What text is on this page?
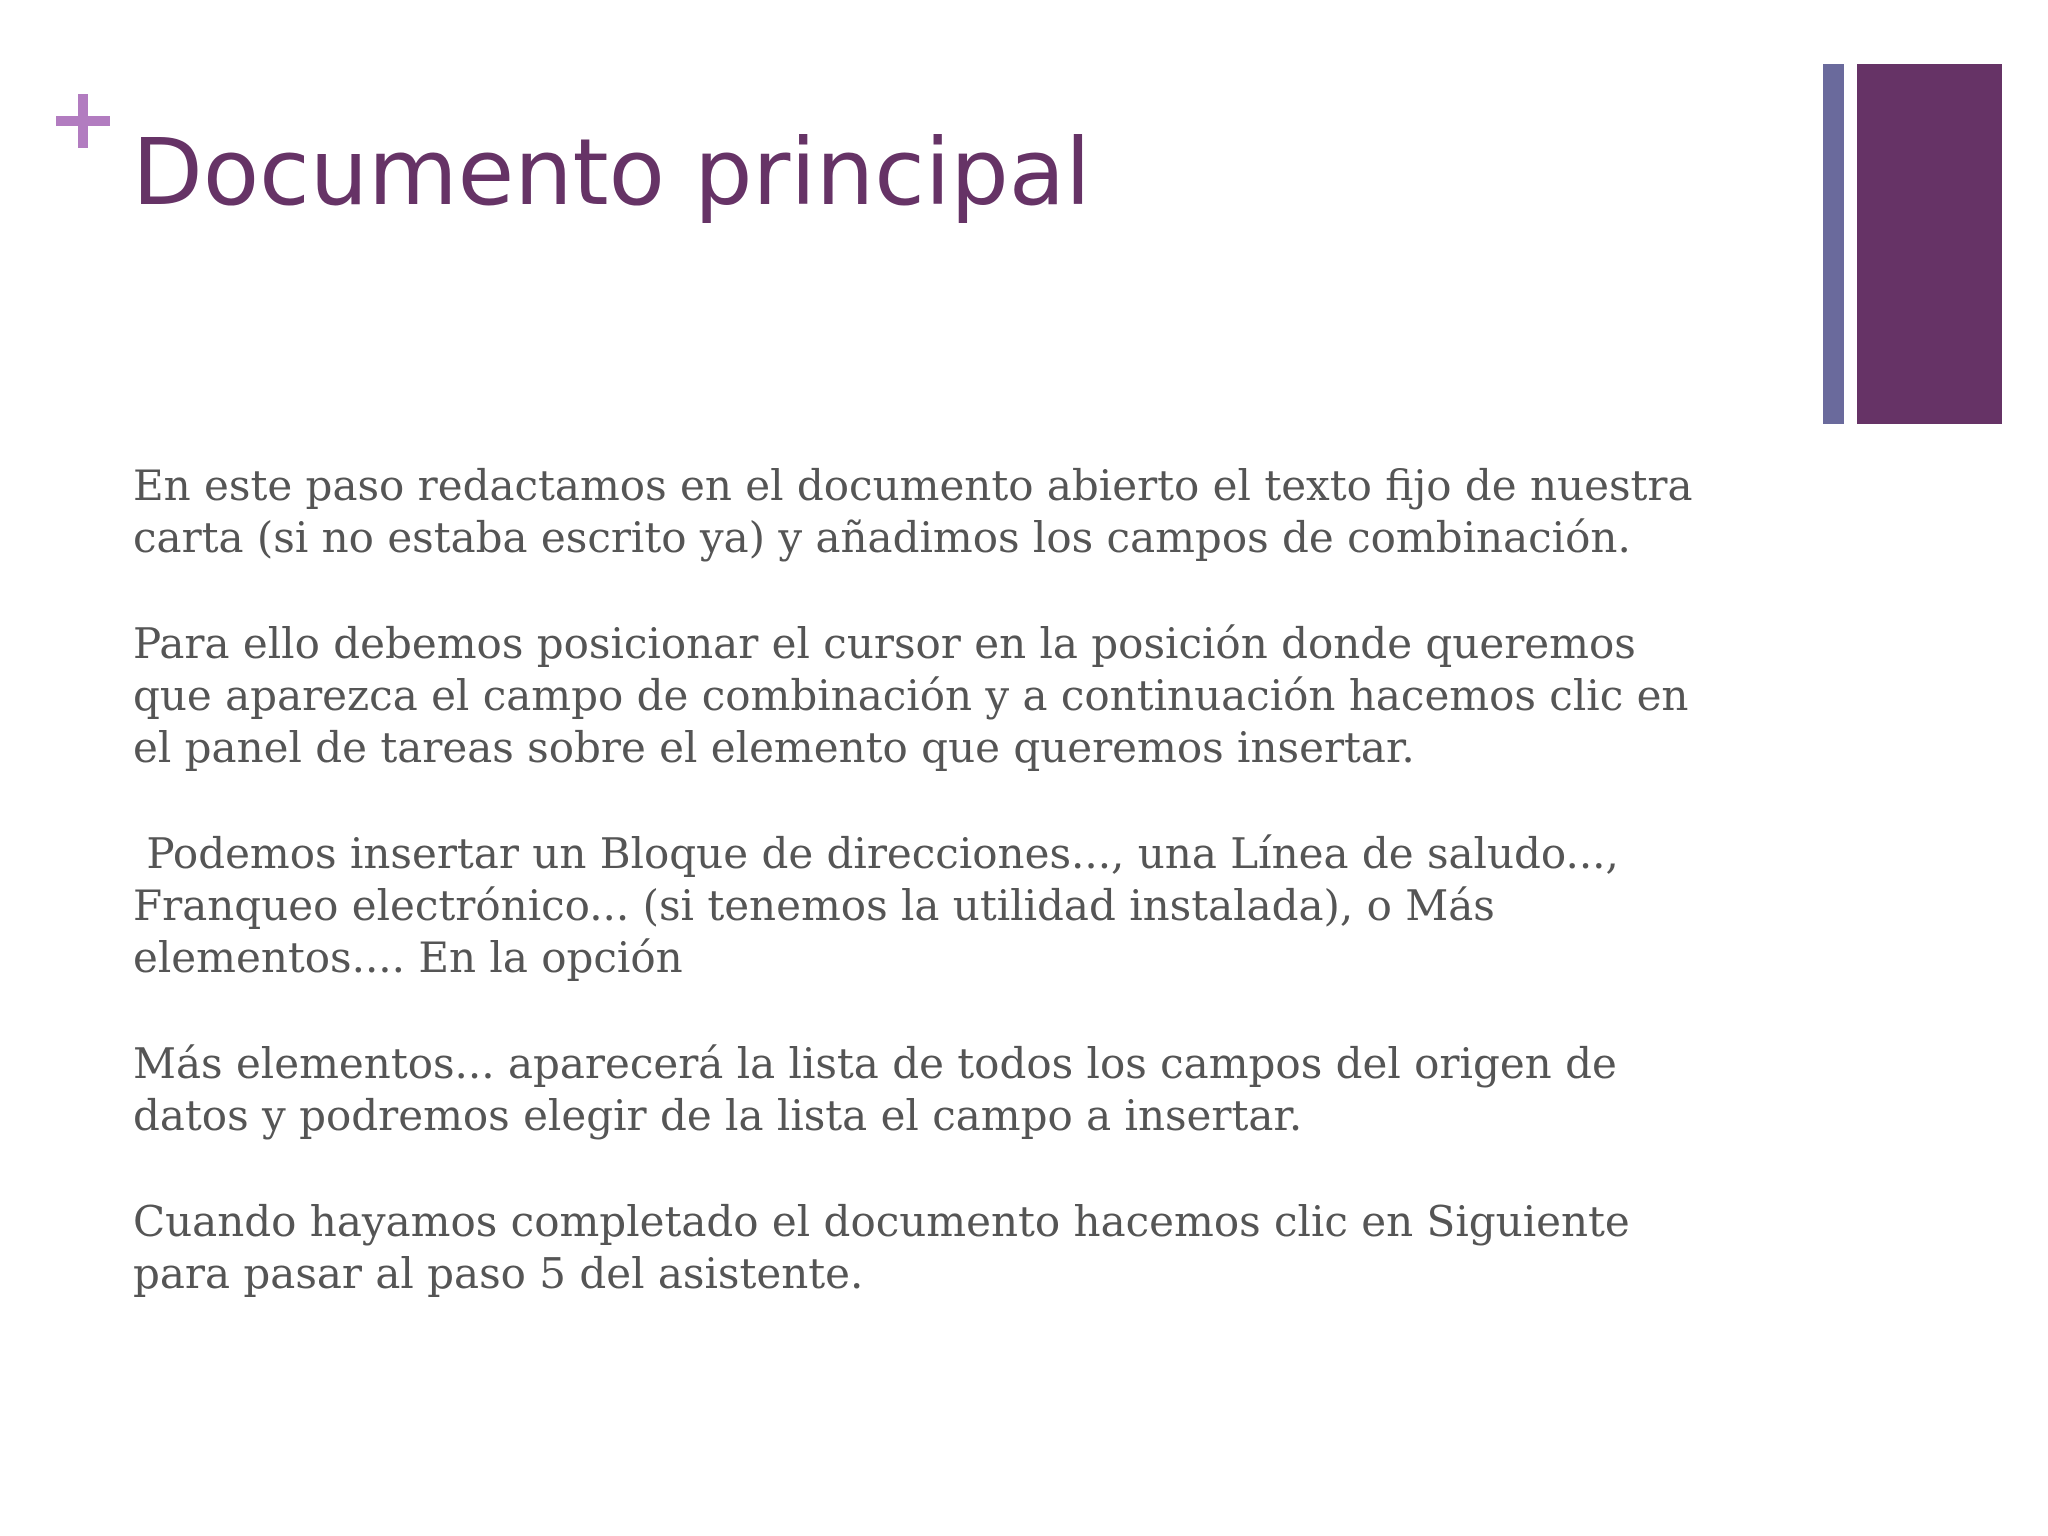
Documento principal

En este paso redactamos en el documento abierto el texto fijo de nuestra
carta (si no estaba escrito ya) y añadimos los campos de combinación.

Para ello debemos posicionar el cursor en la posición donde queremos
que aparezca el campo de combinación y a continuación hacemos clic en
el panel de tareas sobre el elemento que queremos insertar.

Podemos insertar un Bloque de direcciones..., una Línea de saludo...,
Franqueo electrónico... (si tenemos la utilidad instalada), o Más
elementos.... En la opción

Más elementos... aparecerá la lista de todos los campos del origen de
datos y podremos elegir de la lista el campo a insertar.

Cuando hayamos completado el documento hacemos clic en Siguiente
para pasar al paso 5 del asistente.
